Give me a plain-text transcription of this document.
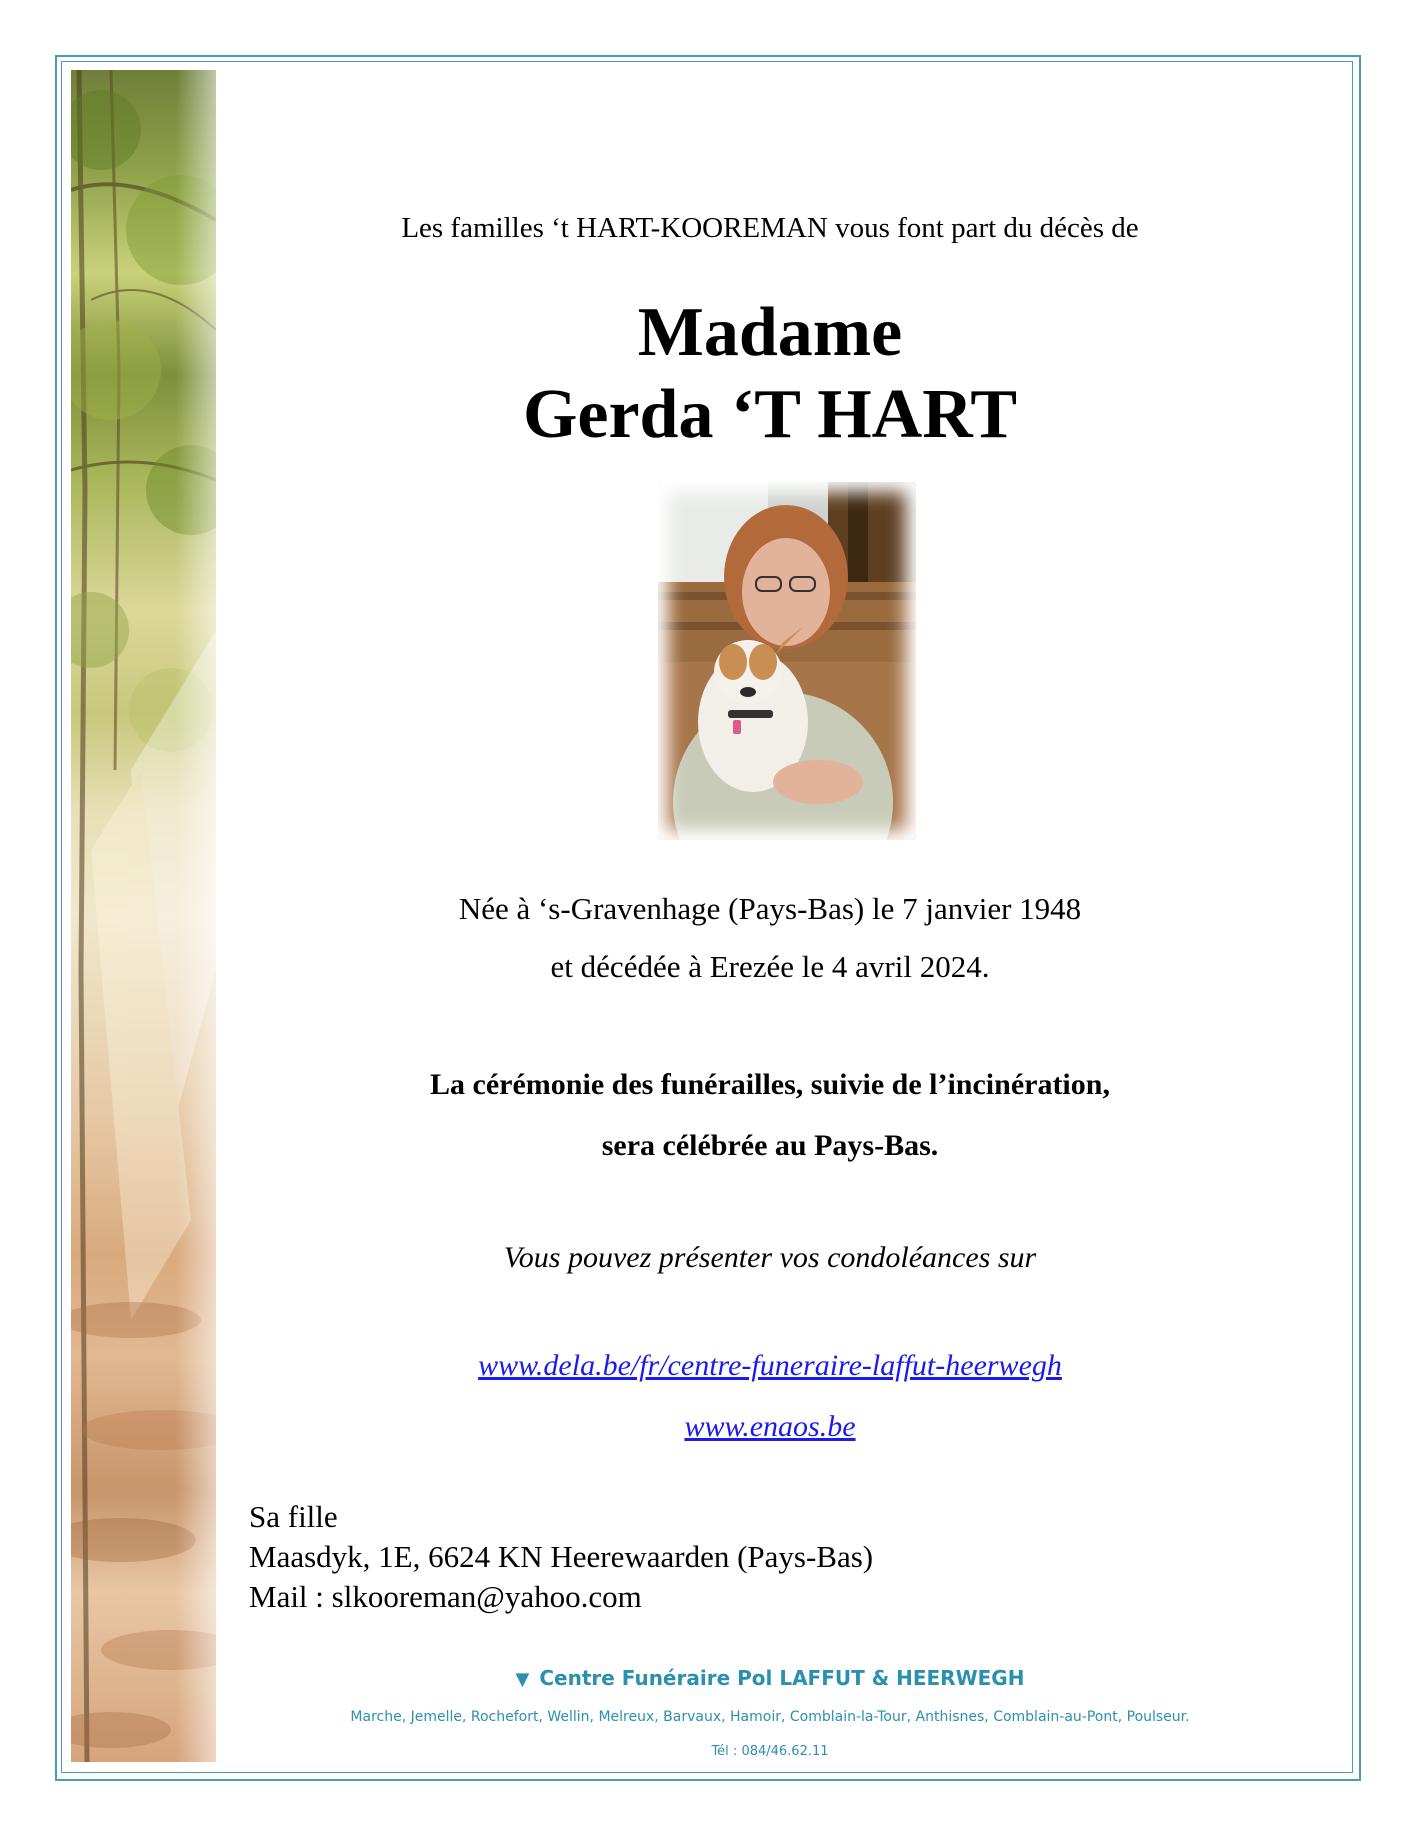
Les familles ‘t HART-KOOREMAN vous font part du décès de
Madame
Gerda ‘T HART
Née à ‘s-Gravenhage (Pays-Bas) le 7 janvier 1948
et décédée à Erezée le 4 avril 2024.
La cérémonie des funérailles, suivie de l’incinération,
sera célébrée au Pays-Bas.
Vous pouvez présenter vos condoléances sur
www.dela.be/fr/centre-funeraire-laffut-heerwegh
www.enaos.be
Sa fille
Maasdyk, 1E, 6624 KN Heerewaarden (Pays-Bas)
Mail : slkooreman@yahoo.com
▼ Centre Funéraire Pol LAFFUT & HEERWEGH
Marche, Jemelle, Rochefort, Wellin, Melreux, Barvaux, Hamoir, Comblain-la-Tour, Anthisnes, Comblain-au-Pont, Poulseur.
Tél : 084/46.62.11
